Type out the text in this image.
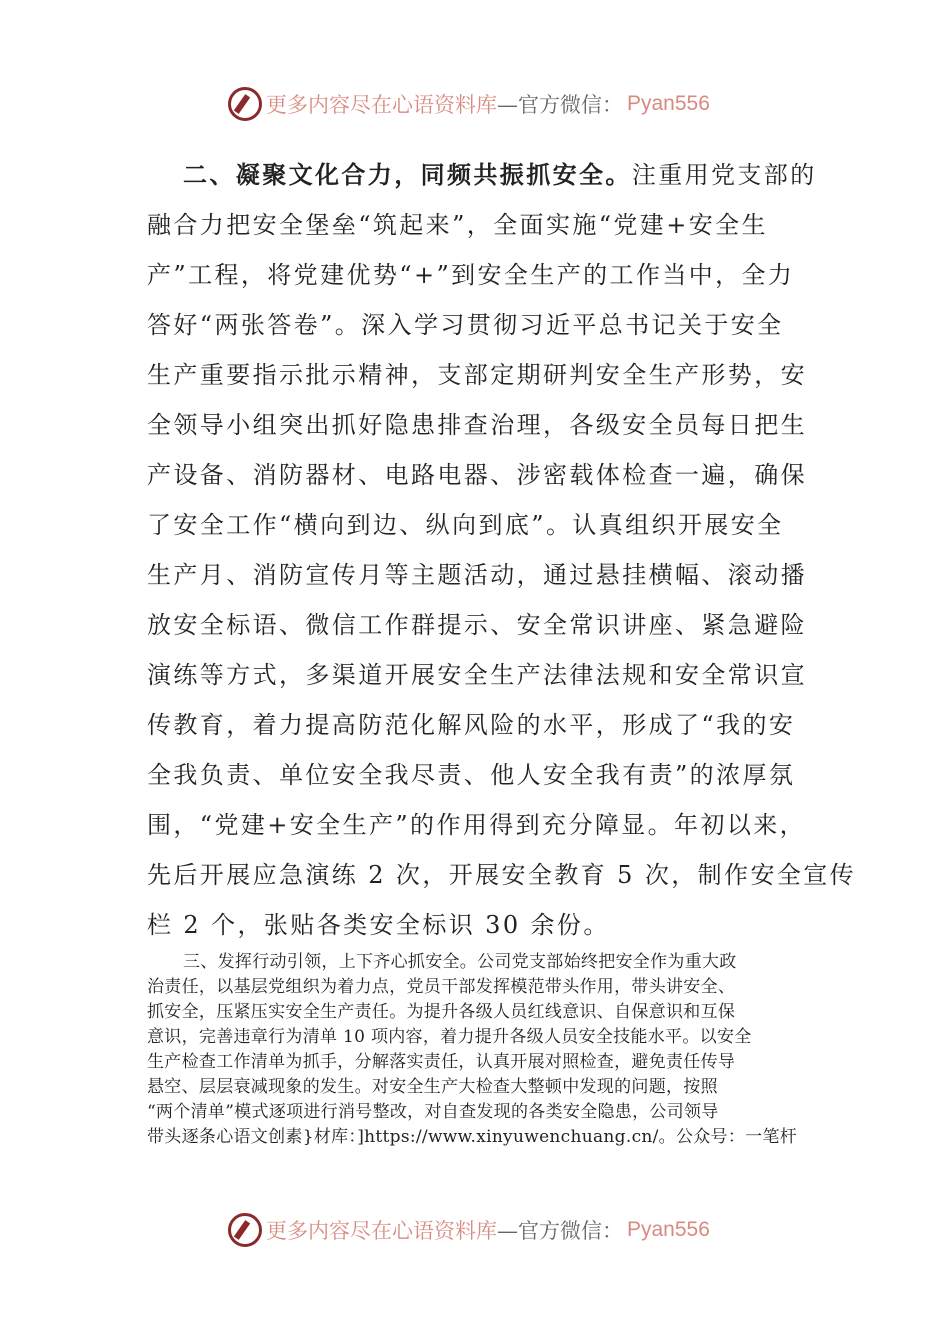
更多内容尽在心语资料库 —官方微信： Pyan556
二、凝聚文化合力，同频共振抓安全。注重用党支部的
融合力把安全堡垒“筑起来”，全面实施“党建+安全生
产”工程，将党建优势“+”到安全生产的工作当中，全力
答好“两张答卷”。深入学习贯彻习近平总书记关于安全
生产重要指示批示精神，支部定期研判安全生产形势，安
全领导小组突出抓好隐患排查治理，各级安全员每日把生
产设备、消防器材、电路电器、涉密载体检查一遍，确保
了安全工作“横向到边、纵向到底”。认真组织开展安全
生产月、消防宣传月等主题活动，通过悬挂横幅、滚动播
放安全标语、微信工作群提示、安全常识讲座、紧急避险
演练等方式，多渠道开展安全生产法律法规和安全常识宣
传教育，着力提高防范化解风险的水平，形成了“我的安
全我负责、单位安全我尽责、他人安全我有责”的浓厚氛
围，“党建+安全生产”的作用得到充分障显。年初以来，
先后开展应急演练 2 次，开展安全教育 5 次，制作安全宣传
栏 2 个，张贴各类安全标识 30 余份。
三、发挥行动引领，上下齐心抓安全。公司党支部始终把安全作为重大政
治责任，以基层党组织为着力点，党员干部发挥模范带头作用，带头讲安全、
抓安全，压紧压实安全生产责任。为提升各级人员红线意识、自保意识和互保
意识，完善违章行为清单 10 项内容，着力提升各级人员安全技能水平。以安全
生产检查工作清单为抓手，分解落实责任，认真开展对照检查，避免责任传导
悬空、层层衰减现象的发生。对安全生产大检查大整顿中发现的问题，按照
“两个清单”模式逐项进行消号整改，对自查发现的各类安全隐患，公司领导
带头逐条心语文创素}材库：]https://www.xinyuwenchuang.cn/。公众号：一笔杆
更多内容尽在心语资料库 —官方微信： Pyan556
